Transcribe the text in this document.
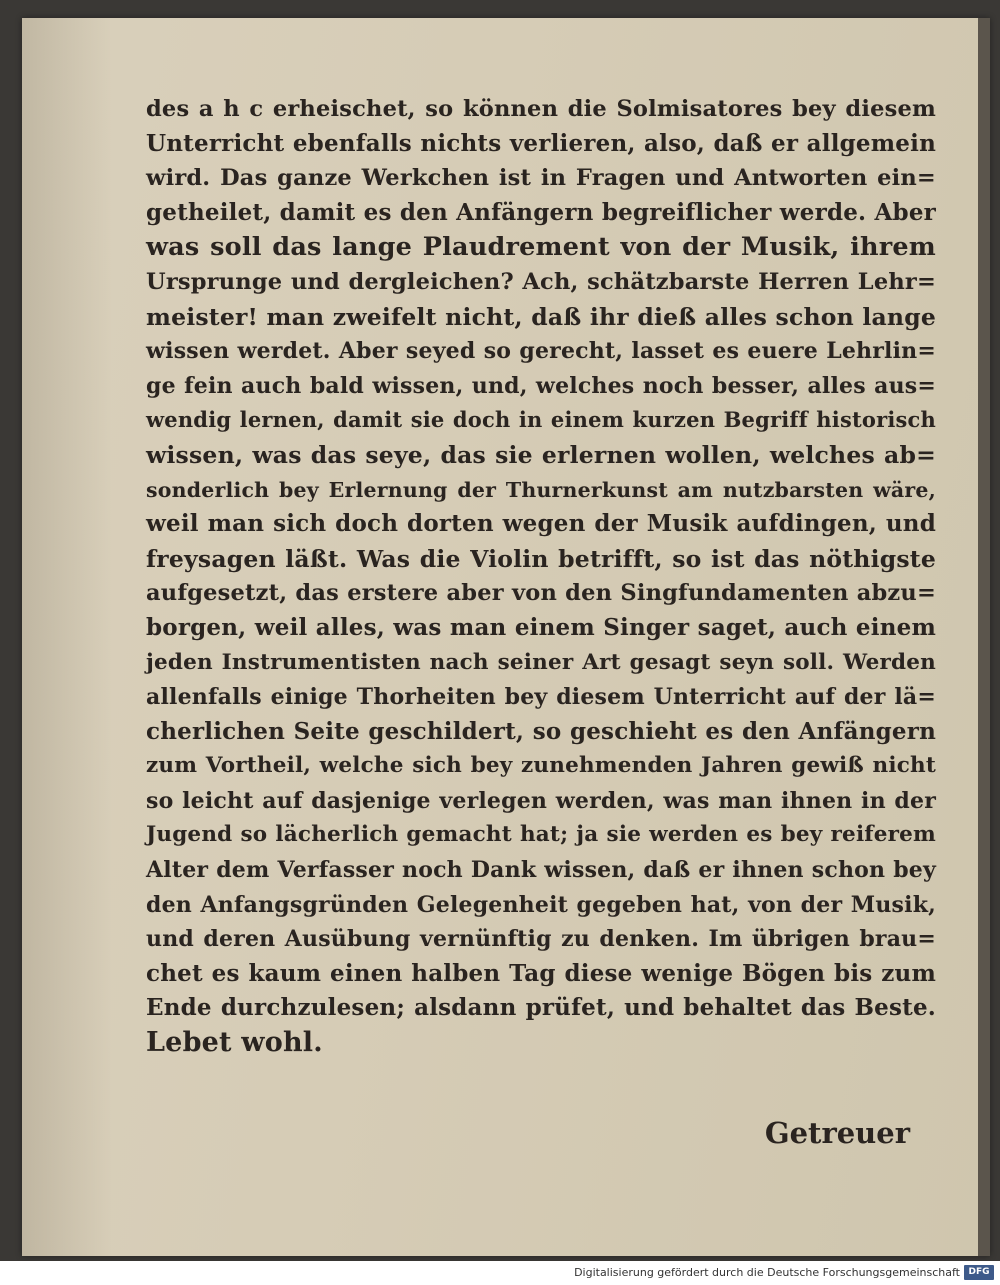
des a h c erheischet, so können die Solmisatores bey diesem
Unterricht ebenfalls nichts verlieren, also, daß er allgemein
wird. Das ganze Werkchen ist in Fragen und Antworten ein=
getheilet, damit es den Anfängern begreiflicher werde. Aber
was soll das lange Plaudrement von der Musik, ihrem
Ursprunge und dergleichen? Ach, schätzbarste Herren Lehr=
meister! man zweifelt nicht, daß ihr dieß alles schon lange
wissen werdet. Aber seyed so gerecht, lasset es euere Lehrlin=
ge fein auch bald wissen, und, welches noch besser, alles aus=
wendig lernen, damit sie doch in einem kurzen Begriff historisch
wissen, was das seye, das sie erlernen wollen, welches ab=
sonderlich bey Erlernung der Thurnerkunst am nutzbarsten wäre,
weil man sich doch dorten wegen der Musik aufdingen, und
freysagen läßt. Was die Violin betrifft, so ist das nöthigste
aufgesetzt, das erstere aber von den Singfundamenten abzu=
borgen, weil alles, was man einem Singer saget, auch einem
jeden Instrumentisten nach seiner Art gesagt seyn soll. Werden
allenfalls einige Thorheiten bey diesem Unterricht auf der lä=
cherlichen Seite geschildert, so geschieht es den Anfängern
zum Vortheil, welche sich bey zunehmenden Jahren gewiß nicht
so leicht auf dasjenige verlegen werden, was man ihnen in der
Jugend so lächerlich gemacht hat; ja sie werden es bey reiferem
Alter dem Verfasser noch Dank wissen, daß er ihnen schon bey
den Anfangsgründen Gelegenheit gegeben hat, von der Musik,
und deren Ausübung vernünftig zu denken. Im übrigen brau=
chet es kaum einen halben Tag diese wenige Bögen bis zum
Ende durchzulesen; alsdann prüfet, und behaltet das Beste.
Lebet wohl.
Getreuer
Digitalisierung gefördert durch die Deutsche Forschungsgemeinschaft DFG
